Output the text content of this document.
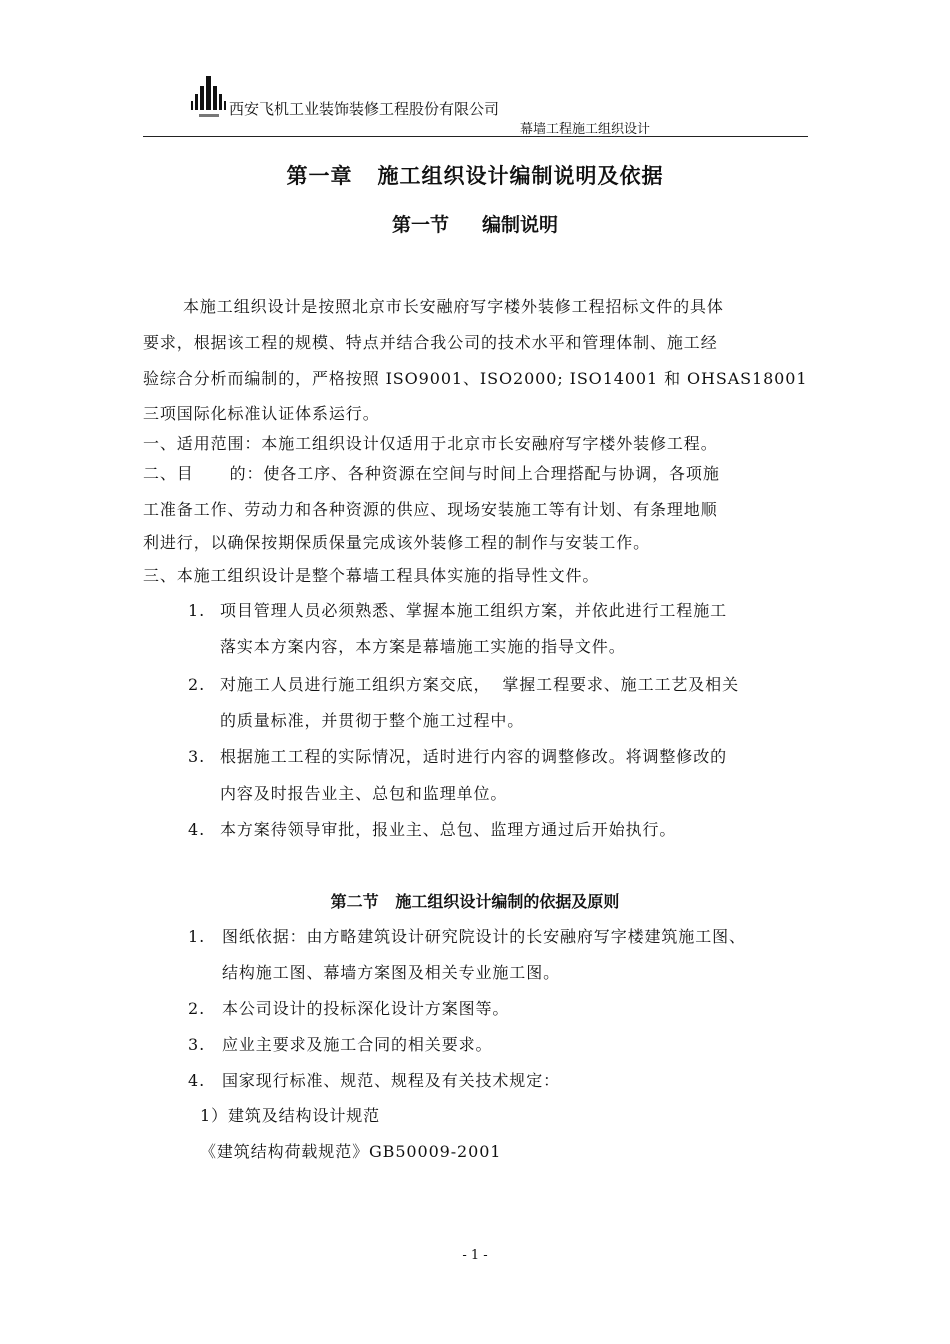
西安飞机工业装饰装修工程股份有限公司
幕墙工程施工组织设计
第一章   施工组织设计编制说明及依据
第一节     编制说明
本施工组织设计是按照北京市长安融府写字楼外装修工程招标文件的具体
要求，根据该工程的规模、特点并结合我公司的技术水平和管理体制、施工经
验综合分析而编制的，严格按照 ISO9001、ISO2000; ISO14001 和 OHSAS18001
三项国际化标准认证体系运行。
一、适用范围：本施工组织设计仅适用于北京市长安融府写字楼外装修工程。
二、目      的：使各工序、各种资源在空间与时间上合理搭配与协调，各项施
工准备工作、劳动力和各种资源的供应、现场安装施工等有计划、有条理地顺
利进行，以确保按期保质保量完成该外装修工程的制作与安装工作。
三、本施工组织设计是整个幕墙工程具体实施的指导性文件。
1. 项目管理人员必须熟悉、掌握本施工组织方案，并依此进行工程施工
落实本方案内容，本方案是幕墙施工实施的指导文件。
2. 对施工人员进行施工组织方案交底，  掌握工程要求、施工工艺及相关
的质量标准，并贯彻于整个施工过程中。
3. 根据施工工程的实际情况，适时进行内容的调整修改。将调整修改的
内容及时报告业主、总包和监理单位。
4. 本方案待领导审批，报业主、总包、监理方通过后开始执行。
第二节   施工组织设计编制的依据及原则
1. 图纸依据：由方略建筑设计研究院设计的长安融府写字楼建筑施工图、
结构施工图、幕墙方案图及相关专业施工图。
2. 本公司设计的投标深化设计方案图等。
3. 应业主要求及施工合同的相关要求。
4. 国家现行标准、规范、规程及有关技术规定：
1）建筑及结构设计规范
《建筑结构荷载规范》GB50009-2001
- 1 -
